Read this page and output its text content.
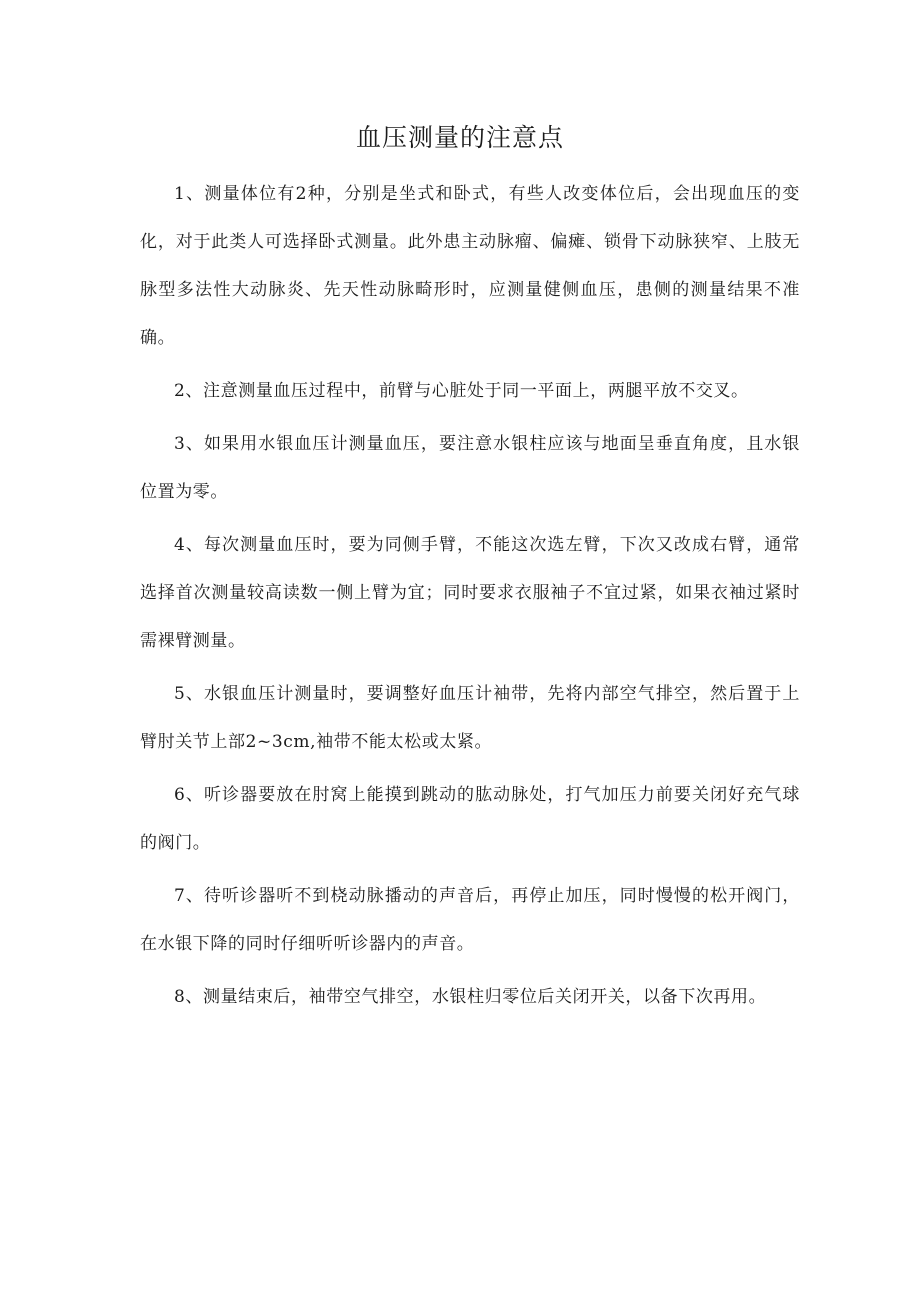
血压测量的注意点

1、测量体位有2种，分别是坐式和卧式，有些人改变体位后，会出现血压的变化，对于此类人可选择卧式测量。此外患主动脉瘤、偏瘫、锁骨下动脉狭窄、上肢无脉型多法性大动脉炎、先天性动脉畸形时，应测量健侧血压，患侧的测量结果不准确。

2、注意测量血压过程中，前臂与心脏处于同一平面上，两腿平放不交叉。

3、如果用水银血压计测量血压，要注意水银柱应该与地面呈垂直角度，且水银位置为零。

4、每次测量血压时，要为同侧手臂，不能这次选左臂，下次又改成右臂，通常选择首次测量较高读数一侧上臂为宜；同时要求衣服袖子不宜过紧，如果衣袖过紧时需裸臂测量。

5、水银血压计测量时，要调整好血压计袖带，先将内部空气排空，然后置于上臂肘关节上部2~3cm,袖带不能太松或太紧。

6、听诊器要放在肘窝上能摸到跳动的肱动脉处，打气加压力前要关闭好充气球的阀门。

7、待听诊器听不到桡动脉播动的声音后，再停止加压，同时慢慢的松开阀门，在水银下降的同时仔细听听诊器内的声音。

8、测量结束后，袖带空气排空，水银柱归零位后关闭开关，以备下次再用。
